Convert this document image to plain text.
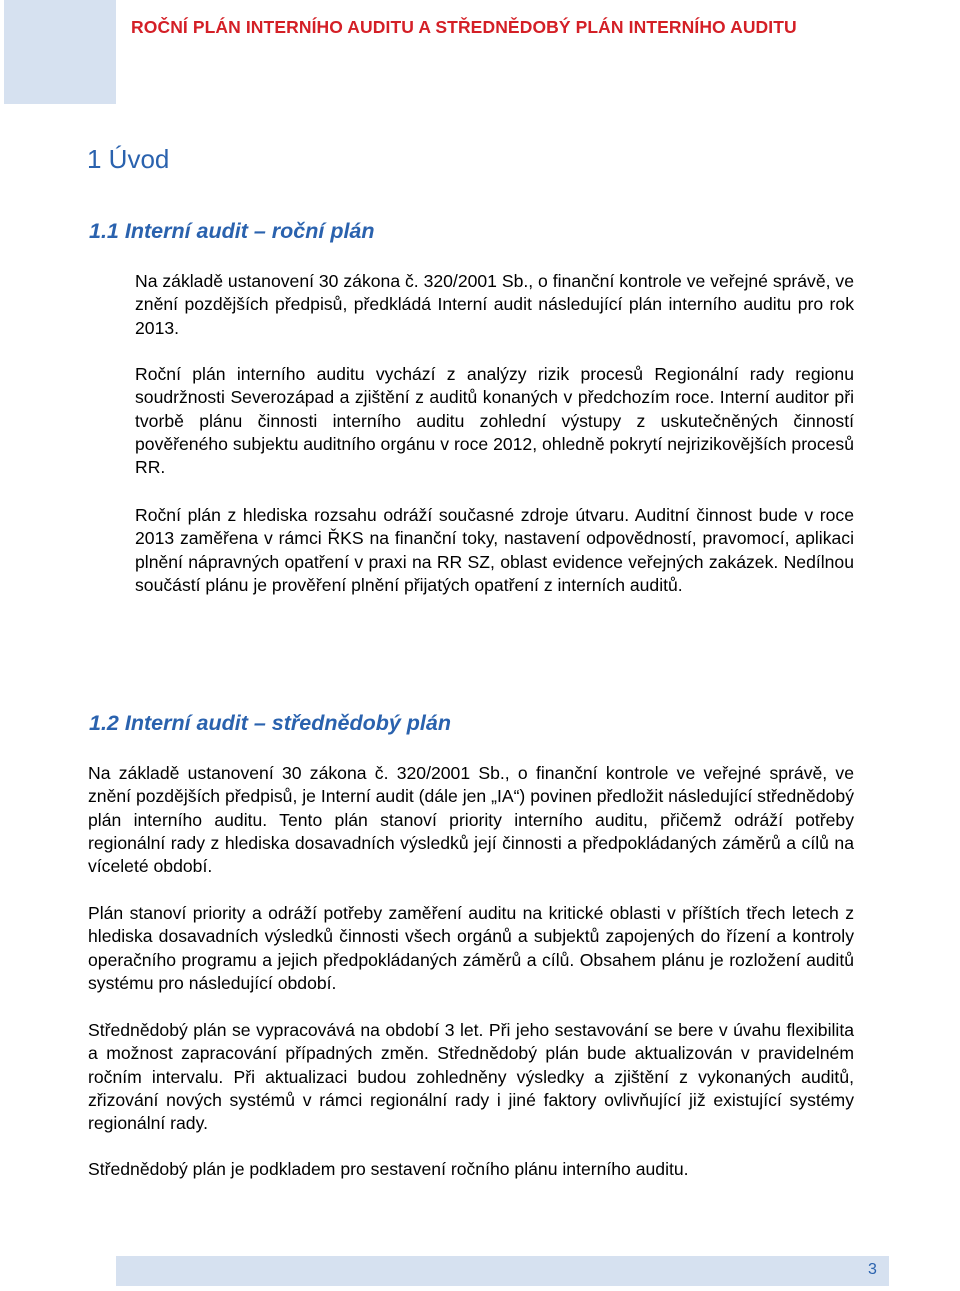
ROČNÍ PLÁN INTERNÍHO AUDITU A STŘEDNĚDOBÝ PLÁN INTERNÍHO AUDITU
1 Úvod
1.1 Interní audit – roční plán

Na základě ustanovení 30 zákona č. 320/2001 Sb., o finanční kontrole ve veřejné správě, ve znění pozdějších předpisů, předkládá Interní audit následující plán interního auditu pro rok 2013.

Roční plán interního auditu vychází z analýzy rizik procesů Regionální rady regionu soudržnosti Severozápad a zjištění z auditů konaných v předchozím roce. Interní auditor při tvorbě plánu činnosti interního auditu zohlední výstupy z uskutečněných činností pověřeného subjektu auditního orgánu v roce 2012, ohledně pokrytí nejrizikovějších procesů RR.

Roční plán z hlediska rozsahu odráží současné zdroje útvaru. Auditní činnost bude v roce 2013 zaměřena v rámci ŘKS na finanční toky, nastavení odpovědností, pravomocí, aplikaci plnění nápravných opatření v praxi na RR SZ, oblast evidence veřejných zakázek. Nedílnou součástí plánu je prověření plnění přijatých opatření z interních auditů.

1.2 Interní audit – střednědobý plán

Na základě ustanovení 30 zákona č. 320/2001 Sb., o finanční kontrole ve veřejné správě, ve znění pozdějších předpisů, je Interní audit (dále jen „IA“) povinen předložit následující střednědobý plán interního auditu. Tento plán stanoví priority interního auditu, přičemž odráží potřeby regionální rady z hlediska dosavadních výsledků její činnosti a předpokládaných záměrů a cílů na víceleté období.

Plán stanoví priority a odráží potřeby zaměření auditu na kritické oblasti v příštích třech letech z hlediska dosavadních výsledků činnosti všech orgánů a subjektů zapojených do řízení a kontroly operačního programu a jejich předpokládaných záměrů a cílů. Obsahem plánu je rozložení auditů systému pro následující období.

Střednědobý plán se vypracovává na období 3 let. Při jeho sestavování se bere v úvahu flexibilita a možnost zapracování případných změn. Střednědobý plán bude aktualizován v pravidelném ročním intervalu. Při aktualizaci budou zohledněny výsledky a zjištění z vykonaných auditů, zřizování nových systémů v rámci regionální rady i jiné faktory ovlivňující již existující systémy regionální rady.

Střednědobý plán je podkladem pro sestavení ročního plánu interního auditu.

3
